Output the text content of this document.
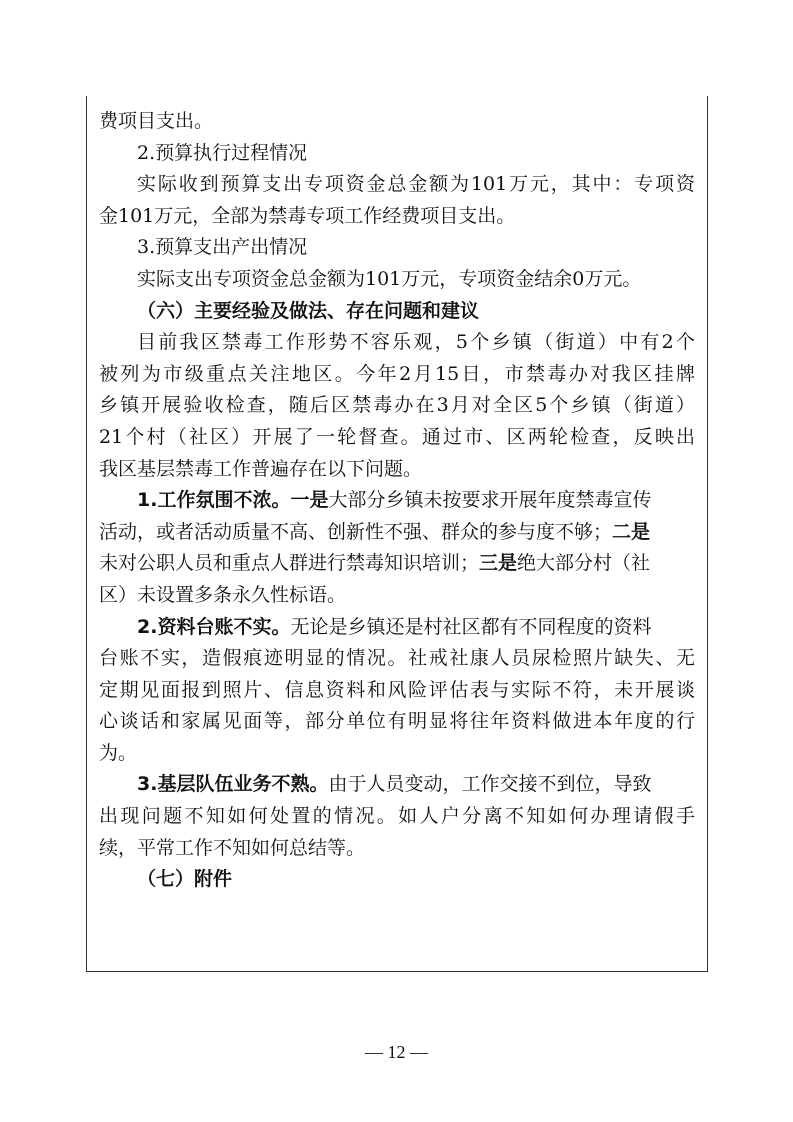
费项目支出。
2.预算执行过程情况
实际收到预算支出专项资金总金额为101万元，其中：专项资
金101万元，全部为禁毒专项工作经费项目支出。
3.预算支出产出情况
实际支出专项资金总金额为101万元，专项资金结余0万元。
（六）主要经验及做法、存在问题和建议
目前我区禁毒工作形势不容乐观，5个乡镇（街道）中有2个
被列为市级重点关注地区。今年2月15日，市禁毒办对我区挂牌
乡镇开展验收检查，随后区禁毒办在3月对全区5个乡镇（街道）
21个村（社区）开展了一轮督查。通过市、区两轮检查，反映出
我区基层禁毒工作普遍存在以下问题。
1.工作氛围不浓。一是大部分乡镇未按要求开展年度禁毒宣传
活动，或者活动质量不高、创新性不强、群众的参与度不够；二是
未对公职人员和重点人群进行禁毒知识培训；三是绝大部分村（社
区）未设置多条永久性标语。
2.资料台账不实。无论是乡镇还是村社区都有不同程度的资料
台账不实，造假痕迹明显的情况。社戒社康人员尿检照片缺失、无
定期见面报到照片、信息资料和风险评估表与实际不符，未开展谈
心谈话和家属见面等，部分单位有明显将往年资料做进本年度的行
为。
3.基层队伍业务不熟。由于人员变动，工作交接不到位，导致
出现问题不知如何处置的情况。如人户分离不知如何办理请假手
续，平常工作不知如何总结等。
（七）附件
— 12 —
